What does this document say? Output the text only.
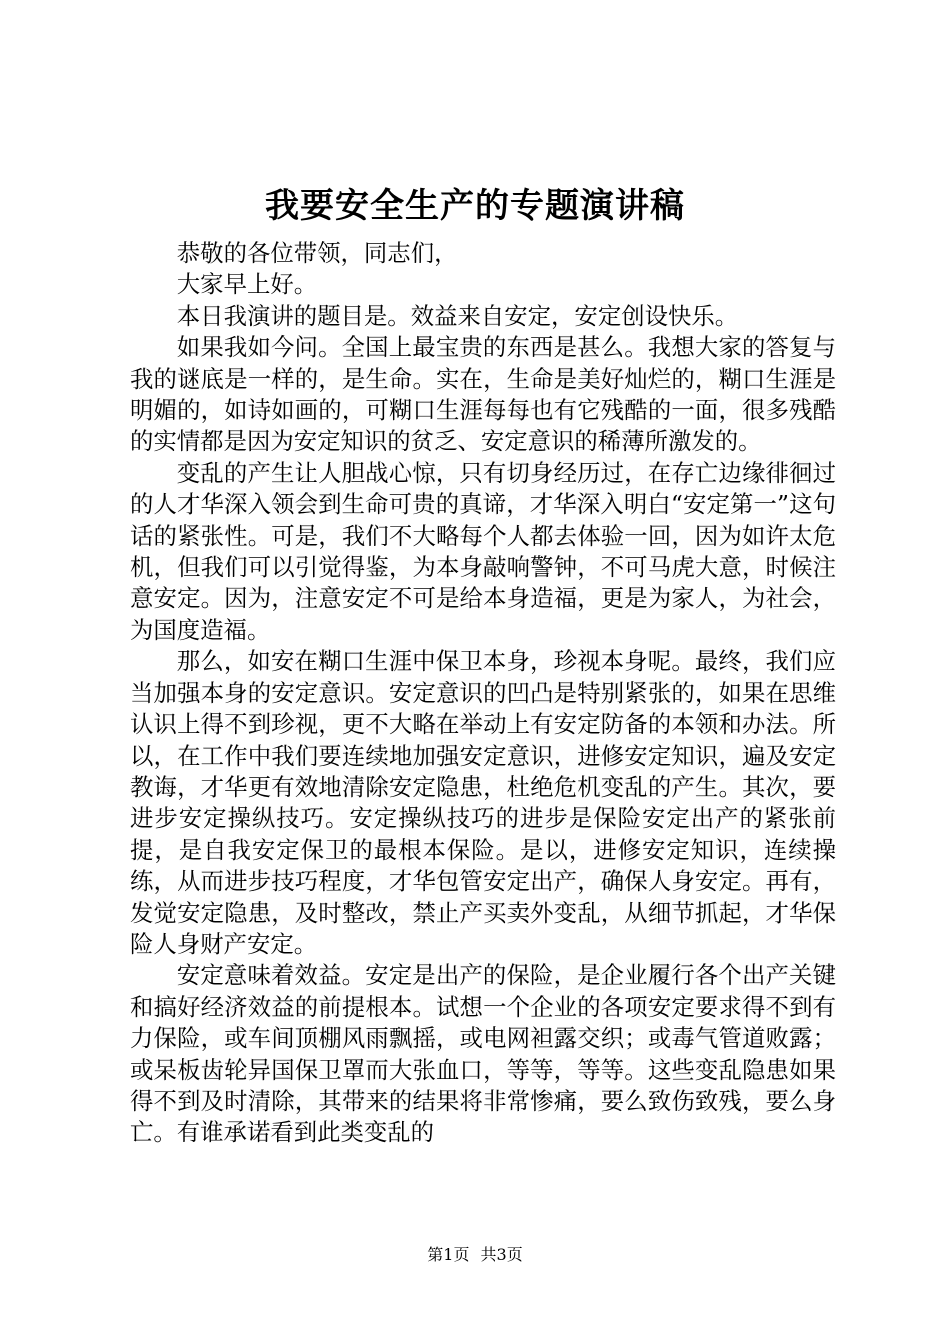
我要安全生产的专题演讲稿

恭敬的各位带领，同志们，

大家早上好。

本日我演讲的题目是。效益来自安定，安定创设快乐。

如果我如今问。全国上最宝贵的东西是甚么。我想大家的答复与我的谜底是一样的，是生命。实在，生命是美好灿烂的，糊口生涯是明媚的，如诗如画的，可糊口生涯每每也有它残酷的一面，很多残酷的实情都是因为安定知识的贫乏、安定意识的稀薄所激发的。

变乱的产生让人胆战心惊，只有切身经历过，在存亡边缘徘徊过的人才华深入领会到生命可贵的真谛，才华深入明白“安定第一”这句话的紧张性。可是，我们不大略每个人都去体验一回，因为如许太危机，但我们可以引觉得鉴，为本身敲响警钟，不可马虎大意，时候注意安定。因为，注意安定不可是给本身造福，更是为家人，为社会，为国度造福。

那么，如安在糊口生涯中保卫本身，珍视本身呢。最终，我们应当加强本身的安定意识。安定意识的凹凸是特别紧张的，如果在思维认识上得不到珍视，更不大略在举动上有安定防备的本领和办法。所以，在工作中我们要连续地加强安定意识，进修安定知识，遍及安定教诲，才华更有效地清除安定隐患，杜绝危机变乱的产生。其次，要进步安定操纵技巧。安定操纵技巧的进步是保险安定出产的紧张前提，是自我安定保卫的最根本保险。是以，进修安定知识，连续操练，从而进步技巧程度，才华包管安定出产，确保人身安定。再有，发觉安定隐患，及时整改，禁止产买卖外变乱，从细节抓起，才华保险人身财产安定。

安定意味着效益。安定是出产的保险，是企业履行各个出产关键和搞好经济效益的前提根本。试想一个企业的各项安定要求得不到有力保险，或车间顶棚风雨飘摇，或电网袒露交织；或毒气管道败露；或呆板齿轮异国保卫罩而大张血口，等等，等等。这些变乱隐患如果得不到及时清除，其带来的结果将非常惨痛，要么致伤致残，要么身亡。有谁承诺看到此类变乱的

第1页 共3页
